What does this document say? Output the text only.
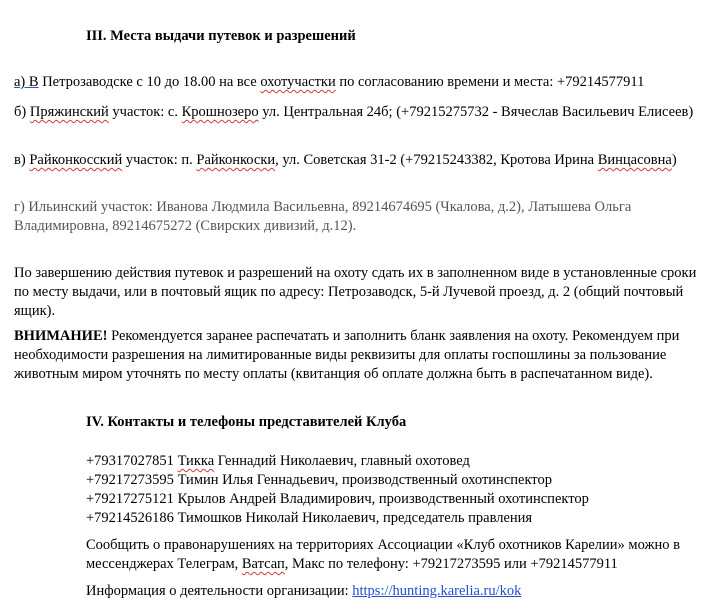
III. Места выдачи путевок и разрешений
а) В Петрозаводске с 10 до 18.00 на все охотучастки по согласованию времени и места: +79214577911
б) Пряжинский участок: с. Крошнозеро ул. Центральная 24б; (+79215275732 - Вячеслав Васильевич Елисеев)
в) Райконкосский участок: п. Райконкоски, ул. Советская 31-2 (+79215243382, Кротова Ирина Винцасовна)
г) Ильинский участок: Иванова Людмила Васильевна, 89214674695 (Чкалова, д.2), Латышева Ольга Владимировна, 89214675272 (Свирских дивизий, д.12).
По завершению действия путевок и разрешений на охоту сдать их в заполненном виде в установленные сроки по месту выдачи, или в почтовый ящик по адресу: Петрозаводск, 5-й Лучевой проезд, д. 2 (общий почтовый ящик).
ВНИМАНИЕ! Рекомендуется заранее распечатать и заполнить бланк заявления на охоту. Рекомендуем при необходимости разрешения на лимитированные виды реквизиты для оплаты госпошлины за пользование животным миром уточнять по месту оплаты (квитанция об оплате должна быть в распечатанном виде).
IV. Контакты и телефоны представителей Клуба

+79317027851 Тикка Геннадий Николаевич, главный охотовед

+79217273595 Тимин Илья Геннадьевич, производственный охотинспектор

+79217275121 Крылов Андрей Владимирович, производственный охотинспектор

+79214526186 Тимошков Николай Николаевич, председатель правления

Сообщить о правонарушениях на территориях Ассоциации «Клуб охотников Карелии» можно в мессенджерах Телеграм, Ватсап, Макс по телефону: +79217273595 или +79214577911
Информация о деятельности организации: https://hunting.karelia.ru/kok
